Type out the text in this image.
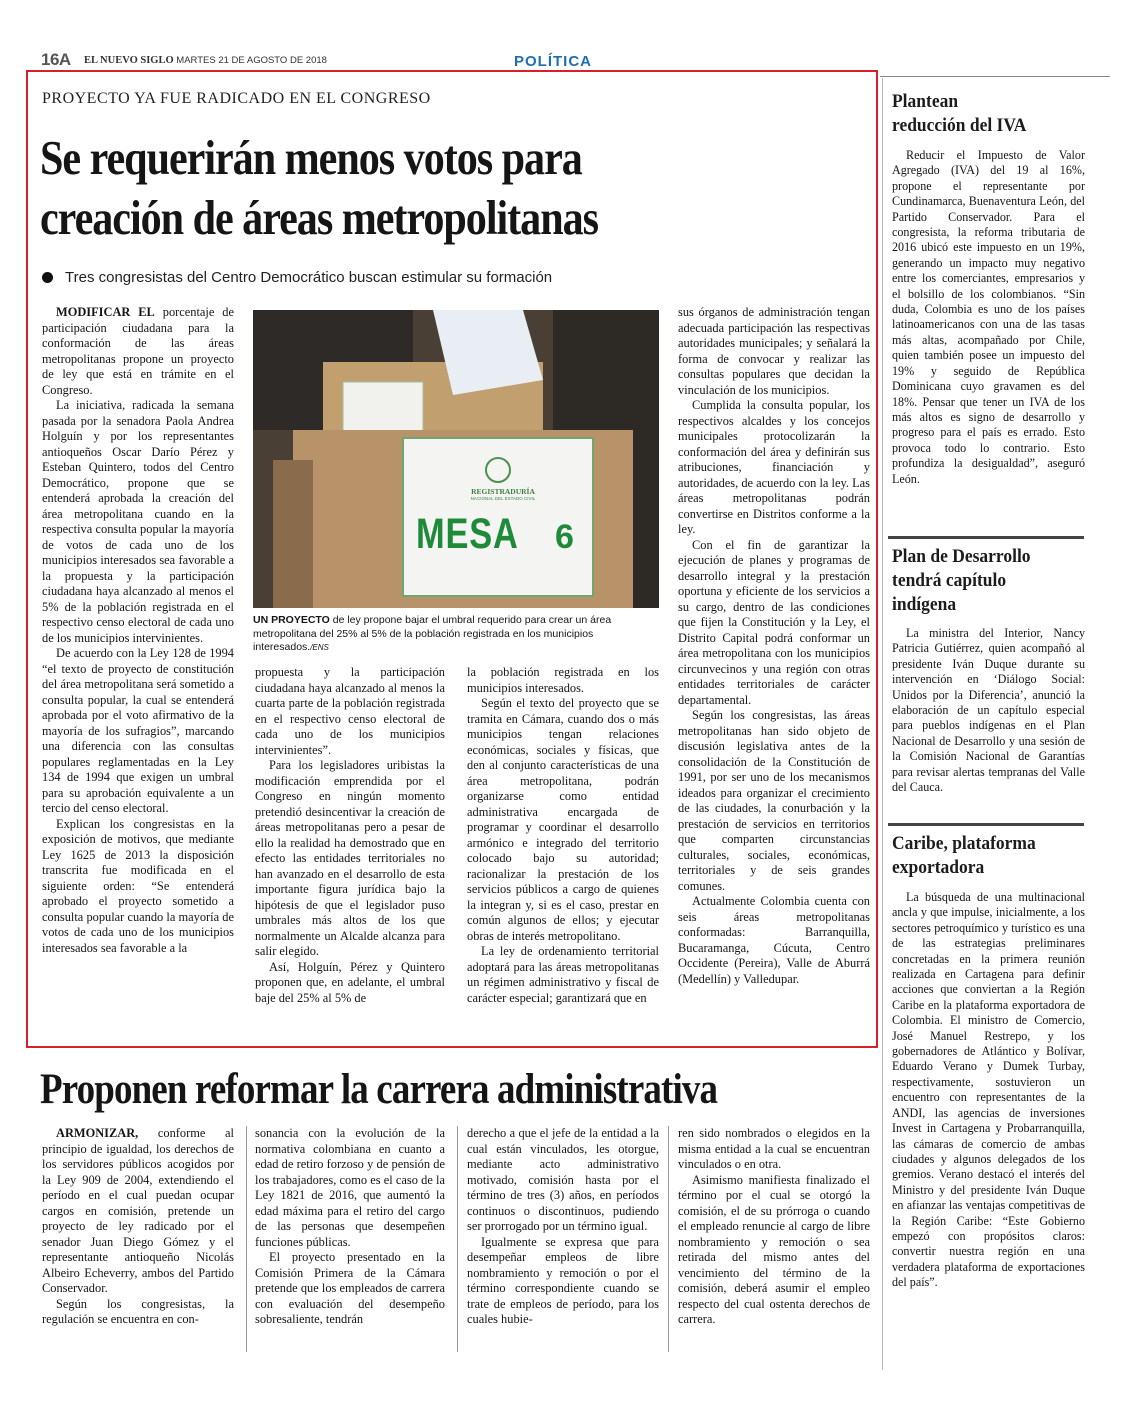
16A EL NUEVO SIGLO MARTES 21 DE AGOSTO DE 2018	POLÍTICA
PROYECTO YA FUE RADICADO EN EL CONGRESO
Se requerirán menos votos para
creación de áreas metropolitanas
Tres congresistas del Centro Democrático buscan estimular su formación

MODIFICAR EL porcentaje de participación ciudadana para la conformación de las áreas metropolitanas propone un proyecto de ley que está en trámite en el Congreso.

La iniciativa, radicada la semana pasada por la senadora Paola Andrea Holguín y por los representantes antioqueños Oscar Darío Pérez y Esteban Quintero, todos del Centro Democrático, propone que se entenderá aprobada la creación del área metropolitana cuando en la respectiva consulta popular la mayoría de votos de cada uno de los municipios interesados sea favorable a la propuesta y la participación ciudadana haya alcanzado al menos el 5% de la población registrada en el respectivo censo electoral de cada uno de los municipios intervinientes.

De acuerdo con la Ley 128 de 1994 “el texto de proyecto de constitución del área metropolitana será sometido a consulta popular, la cual se entenderá aprobada por el voto afirmativo de la mayoría de los sufragios”, marcando una diferencia con las consultas populares reglamentadas en la Ley 134 de 1994 que exigen un umbral para su aprobación equivalente a un tercio del censo electoral.

Explican los congresistas en la exposición de motivos, que mediante Ley 1625 de 2013 la disposición transcrita fue modificada en el siguiente orden: “Se entenderá aprobado el proyecto sometido a consulta popular cuando la mayoría de votos de cada uno de los municipios interesados sea favorable a la

REGISTRADURÍA
NACIONAL DEL ESTADO CIVIL
MESA 6
UN PROYECTO de ley propone bajar el umbral requerido para crear un área metropolitana del 25% al 5% de la población registrada en los municipios interesados./ENS

propuesta y la participación ciudadana haya alcanzado al menos la cuarta parte de la población registrada en el respectivo censo electoral de cada uno de los municipios intervinientes”.

Para los legisladores uribistas la modificación emprendida por el Congreso en ningún momento pretendió desincentivar la creación de áreas metropolitanas pero a pesar de ello la realidad ha demostrado que en efecto las entidades territoriales no han avanzado en el desarrollo de esta importante figura jurídica bajo la hipótesis de que el legislador puso umbrales más altos de los que normalmente un Alcalde alcanza para salir elegido.

Así, Holguín, Pérez y Quintero proponen que, en adelante, el umbral baje del 25% al 5% de

la población registrada en los municipios interesados.

Según el texto del proyecto que se tramita en Cámara, cuando dos o más municipios tengan relaciones económicas, sociales y físicas, que den al conjunto características de una área metropolitana, podrán organizarse como entidad administrativa encargada de programar y coordinar el desarrollo armónico e integrado del territorio colocado bajo su autoridad; racionalizar la prestación de los servicios públicos a cargo de quienes la integran y, si es el caso, prestar en común algunos de ellos; y ejecutar obras de interés metropolitano.

La ley de ordenamiento territorial adoptará para las áreas metropolitanas un régimen administrativo y fiscal de carácter especial; garantizará que en

sus órganos de administración tengan adecuada participación las respectivas autoridades municipales; y señalará la forma de convocar y realizar las consultas populares que decidan la vinculación de los municipios.

Cumplida la consulta popular, los respectivos alcaldes y los concejos municipales protocolizarán la conformación del área y definirán sus atribuciones, financiación y autoridades, de acuerdo con la ley. Las áreas metropolitanas podrán convertirse en Distritos conforme a la ley.

Con el fin de garantizar la ejecución de planes y programas de desarrollo integral y la prestación oportuna y eficiente de los servicios a su cargo, dentro de las condiciones que fijen la Constitución y la Ley, el Distrito Capital podrá conformar un área metropolitana con los municipios circunvecinos y una región con otras entidades territoriales de carácter departamental.

Según los congresistas, las áreas metropolitanas han sido objeto de discusión legislativa antes de la consolidación de la Constitución de 1991, por ser uno de los mecanismos ideados para organizar el crecimiento de las ciudades, la conurbación y la prestación de servicios en territorios que comparten circunstancias culturales, sociales, económicas, territoriales y de seis grandes comunes.

Actualmente Colombia cuenta con seis áreas metropolitanas conformadas: Barranquilla, Bucaramanga, Cúcuta, Centro Occidente (Pereira), Valle de Aburrá (Medellín) y Valledupar.

Proponen reformar la carrera administrativa

ARMONIZAR, conforme al principio de igualdad, los derechos de los servidores públicos acogidos por la Ley 909 de 2004, extendiendo el período en el cual puedan ocupar cargos en comisión, pretende un proyecto de ley radicado por el senador Juan Diego Gómez y el representante antioqueño Nicolás Albeiro Echeverry, ambos del Partido Conservador.

Según los congresistas, la regulación se encuentra en con-

sonancia con la evolución de la normativa colombiana en cuanto a edad de retiro forzoso y de pensión de los trabajadores, como es el caso de la Ley 1821 de 2016, que aumentó la edad máxima para el retiro del cargo de las personas que desempeñen funciones públicas.

El proyecto presentado en la Comisión Primera de la Cámara pretende que los empleados de carrera con evaluación del desempeño sobresaliente, tendrán

derecho a que el jefe de la entidad a la cual están vinculados, les otorgue, mediante acto administrativo motivado, comisión hasta por el término de tres (3) años, en períodos continuos o discontinuos, pudiendo ser prorrogado por un término igual.

Igualmente se expresa que para desempeñar empleos de libre nombramiento y remoción o por el término correspondiente cuando se trate de empleos de período, para los cuales hubie-

ren sido nombrados o elegidos en la misma entidad a la cual se encuentran vinculados o en otra.

Asimismo manifiesta finalizado el término por el cual se otorgó la comisión, el de su prórroga o cuando el empleado renuncie al cargo de libre nombramiento y remoción o sea retirada del mismo antes del vencimiento del término de la comisión, deberá asumir el empleo respecto del cual ostenta derechos de carrera.

Plantean
reducción del IVA

Reducir el Impuesto de Valor Agregado (IVA) del 19 al 16%, propone el representante por Cundinamarca, Buenaventura León, del Partido Conservador. Para el congresista, la reforma tributaria de 2016 ubicó este impuesto en un 19%, generando un impacto muy negativo entre los comerciantes, empresarios y el bolsillo de los colombianos. “Sin duda, Colombia es uno de los países latinoamericanos con una de las tasas más altas, acompañado por Chile, quien también posee un impuesto del 19% y seguido de República Dominicana cuyo gravamen es del 18%. Pensar que tener un IVA de los más altos es signo de desarrollo y progreso para el país es errado. Esto provoca todo lo contrario. Esto profundiza la desigualdad”, aseguró León.

Plan de Desarrollo
tendrá capítulo
indígena

La ministra del Interior, Nancy Patricia Gutiérrez, quien acompañó al presidente Iván Duque durante su intervención en ‘Diálogo Social: Unidos por la Diferencia’, anunció la elaboración de un capítulo especial para pueblos indígenas en el Plan Nacional de Desarrollo y una sesión de la Comisión Nacional de Garantías para revisar alertas tempranas del Valle del Cauca.

Caribe, plataforma
exportadora

La búsqueda de una multinacional ancla y que impulse, inicialmente, a los sectores petroquímico y turístico es una de las estrategias preliminares concretadas en la primera reunión realizada en Cartagena para definir acciones que conviertan a la Región Caribe en la plataforma exportadora de Colombia. El ministro de Comercio, José Manuel Restrepo, y los gobernadores de Atlántico y Bolívar, Eduardo Verano y Dumek Turbay, respectivamente, sostuvieron un encuentro con representantes de la ANDI, las agencias de inversiones Invest in Cartagena y Probarranquilla, las cámaras de comercio de ambas ciudades y algunos delegados de los gremios. Verano destacó el interés del Ministro y del presidente Iván Duque en afianzar las ventajas competitivas de la Región Caribe: “Este Gobierno empezó con propósitos claros: convertir nuestra región en una verdadera plataforma de exportaciones del país”.
